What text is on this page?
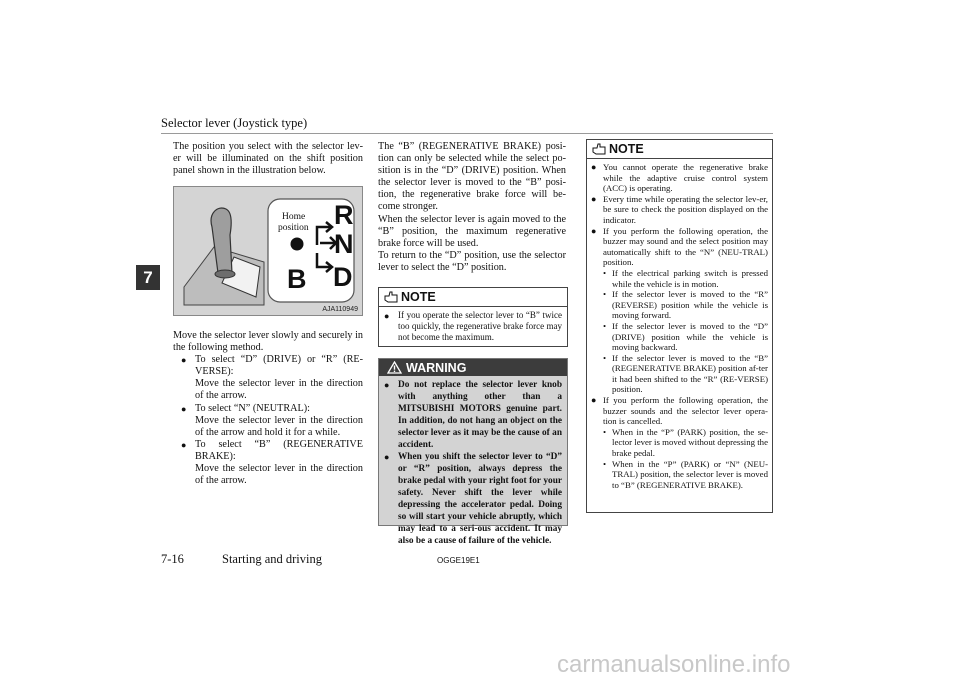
Selector lever (Joystick type)
7

The position you select with the selector lev-er will be illuminated on the shift position panel shown in the illustration below.

Home
position R
N
D
B
AJA110949

Move the selector lever slowly and securely in the following method.

● To select “D” (DRIVE) or “R” (RE-VERSE):

Move the selector lever in the direction of the arrow.

● To select “N” (NEUTRAL):

Move the selector lever in the direction of the arrow and hold it for a while.

● To select “B” (REGENERATIVE BRAKE):

Move the selector lever in the direction of the arrow.

The “B” (REGENERATIVE BRAKE) posi-tion can only be selected while the select po-sition is in the “D” (DRIVE) position. When the selector lever is moved to the “B” posi-tion, the regenerative brake force will be-come stronger.

When the selector lever is again moved to the “B” position, the maximum regenerative brake force will be used.

To return to the “D” position, use the selector lever to select the “D” position.

NOTE
● If you operate the selector lever to “B” twice too quickly, the regenerative brake force may not become the maximum.
WARNING
● Do not replace the selector lever knob with anything other than a MITSUBISHI MOTORS genuine part. In addition, do not hang an object on the selector lever as it may be the cause of an accident.
● When you shift the selector lever to “D” or “R” position, always depress the brake pedal with your right foot for your safety. Never shift the lever while depressing the accelerator pedal. Doing so will start your vehicle abruptly, which may lead to a seri-ous accident. It may also be a cause of failure of the vehicle.
NOTE
● You cannot operate the regenerative brake while the adaptive cruise control system (ACC) is operating.
● Every time while operating the selector lev-er, be sure to check the position displayed on the indicator.
● If you perform the following operation, the buzzer may sound and the select position may automatically shift to the “N” (NEU-TRAL) position.
• If the electrical parking switch is pressed while the vehicle is in motion.
• If the selector lever is moved to the “R” (REVERSE) position while the vehicle is moving forward.
• If the selector lever is moved to the “D” (DRIVE) position while the vehicle is moving backward.
• If the selector lever is moved to the “B” (REGENERATIVE BRAKE) position af-ter it had been shifted to the “R” (RE-VERSE) position.
● If you perform the following operation, the buzzer sounds and the selector lever opera-tion is cancelled.
• When in the “P” (PARK) position, the se-lector lever is moved without depressing the brake pedal.
• When in the “P” (PARK) or “N” (NEU-TRAL) position, the selector lever is moved to “B” (REGENERATIVE BRAKE).
7-16	Starting and driving	OGGE19E1
carmanualsonline.info
